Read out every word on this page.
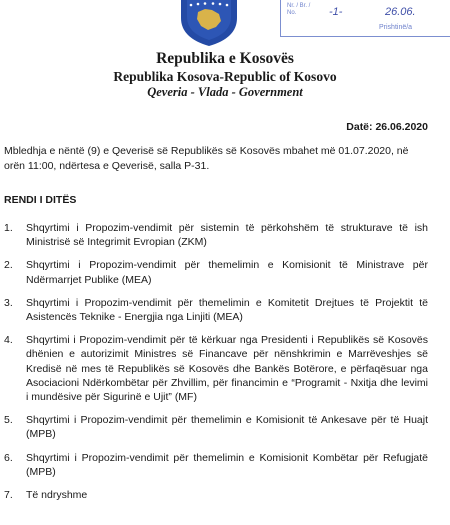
Nr. / Br. / No.	-1-	26.06.
Prishtinë/a
Republika e Kosovës
Republika Kosova-Republic of Kosovo
Qeveria - Vlada - Government
Datë: 26.06.2020
Mbledhja e nëntë (9) e Qeverisë së Republikës së Kosovës mbahet më 01.07.2020, në orën 11:00, ndërtesa e Qeverisë, salla P-31.
RENDI I DITËS
1. Shqyrtimi i Propozim-vendimit për sistemin të përkohshëm të strukturave të ish Ministrisë së Integrimit Evropian (ZKM)
2. Shqyrtimi i Propozim-vendimit për themelimin e Komisionit të Ministrave për Ndërmarrjet Publike (MEA)
3. Shqyrtimi i Propozim-vendimit për themelimin e Komitetit Drejtues të Projektit të Asistencës Teknike - Energjia nga Linjiti (MEA)
4. Shqyrtimi i Propozim-vendimit për të kërkuar nga Presidenti i Republikës së Kosovës dhënien e autorizimit Ministres së Financave për nënshkrimin e Marrëveshjes së Kredisë në mes të Republikës së Kosovës dhe Bankës Botërore, e përfaqësuar nga Asociacioni Ndërkombëtar për Zhvillim, për financimin e “Programit - Nxitja dhe levimi i mundësive për Sigurinë e Ujit” (MF)
5. Shqyrtimi i Propozim-vendimit për themelimin e Komisionit të Ankesave për të Huajt (MPB)
6. Shqyrtimi i Propozim-vendimit për themelimin e Komisionit Kombëtar për Refugjatë (MPB)
7. Të ndryshme
